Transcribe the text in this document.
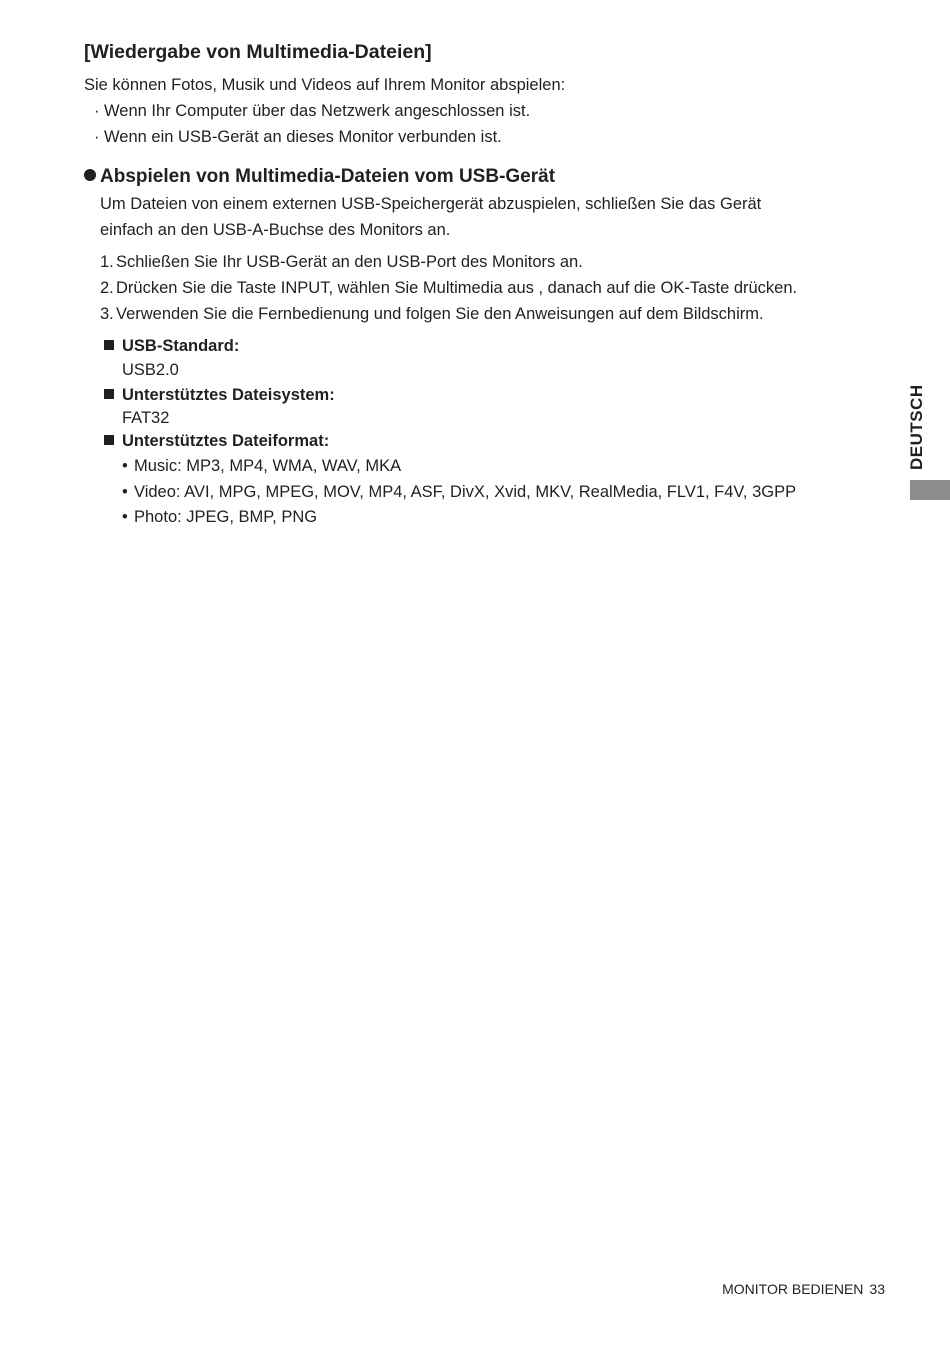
[Wiedergabe von Multimedia-Dateien]
Sie können Fotos, Musik und Videos auf Ihrem Monitor abspielen:
· Wenn Ihr Computer über das Netzwerk angeschlossen ist.
· Wenn ein USB-Gerät an dieses Monitor verbunden ist.
Abspielen von Multimedia-Dateien vom USB-Gerät
Um Dateien von einem externen USB-Speichergerät abzuspielen, schließen Sie das Gerät
einfach an den USB-A-Buchse des Monitors an.
1. Schließen Sie Ihr USB-Gerät an den USB-Port des Monitors an.
2. Drücken Sie die Taste INPUT, wählen Sie Multimedia aus , danach auf die OK-Taste drücken.
3. Verwenden Sie die Fernbedienung und folgen Sie den Anweisungen auf dem Bildschirm.
USB-Standard:
USB2.0
Unterstütztes Dateisystem:
FAT32
Unterstütztes Dateiformat:
• Music: MP3, MP4, WMA, WAV, MKA
• Video: AVI, MPG, MPEG, MOV, MP4, ASF, DivX, Xvid, MKV, RealMedia, FLV1, F4V, 3GPP
• Photo: JPEG, BMP, PNG
DEUTSCH
MONITOR BEDIENEN 33
